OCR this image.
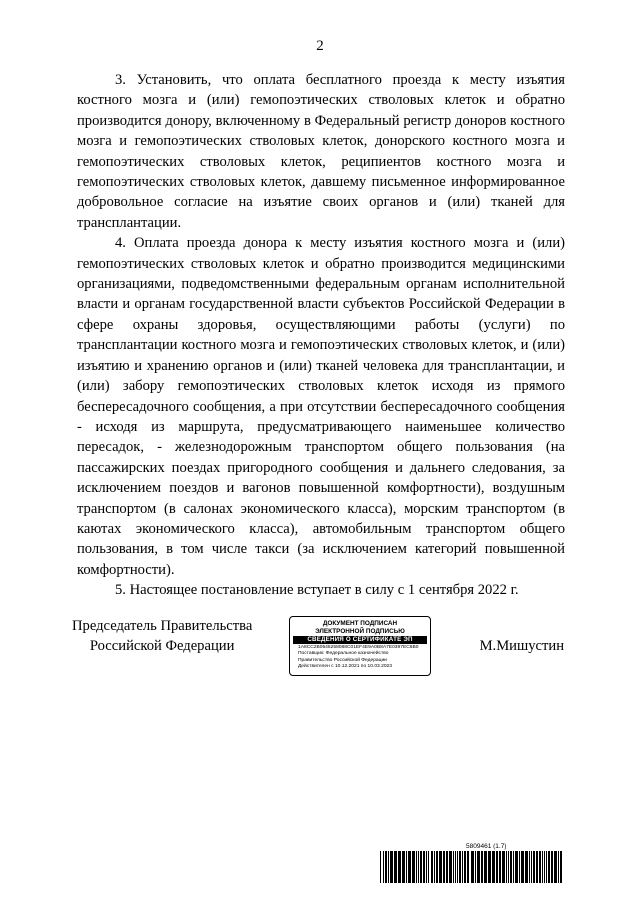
2

3. Установить, что оплата бесплатного проезда к месту изъятия костного мозга и (или) гемопоэтических стволовых клеток и обратно производится донору, включенному в Федеральный регистр доноров костного мозга и гемопоэтических стволовых клеток, донорского костного мозга и гемопоэтических стволовых клеток, реципиентов костного мозга и гемопоэтических стволовых клеток, давшему письменное информированное добровольное согласие на изъятие своих органов и (или) тканей для трансплантации.

4. Оплата проезда донора к месту изъятия костного мозга и (или) гемопоэтических стволовых клеток и обратно производится медицинскими организациями, подведомственными федеральным органам исполнительной власти и органам государственной власти субъектов Российской Федерации в сфере охраны здоровья, осуществляющими работы (услуги) по трансплантации костного мозга и гемопоэтических стволовых клеток, и (или) изъятию и хранению органов и (или) тканей человека для трансплантации, и (или) забору гемопоэтических стволовых клеток исходя из прямого беспересадочного сообщения, а при отсутствии беспересадочного сообщения - исходя из маршрута, предусматривающего наименьшее количество пересадок, - железнодорожным транспортом общего пользования (на пассажирских поездах пригородного сообщения и дальнего следования, за исключением поездов и вагонов повышенной комфортности), воздушным транспортом (в салонах экономического класса), морским транспортом (в каютах экономического класса), автомобильным транспортом общего пользования, в том числе такси (за исключением категорий повышенной комфортности).

5. Настоящее постановление вступает в силу с 1 сентября 2022 г.

Председатель Правительства
Российской Федерации
ДОКУМЕНТ ПОДПИСАН
ЭЛЕКТРОННОЙ ПОДПИСЬЮ
СВЕДЕНИЯ О СЕРТИФИКАТЕ ЭП
1A8CC2B0545258088C01EF4E9A0B8A7E0397EC6B0
Поставщик: Федеральное казначейство
Правительство Российской Федерации
Действителен с 10.12.2021 по 10.03.2023
М.Мишустин
5809461 (1.7)
